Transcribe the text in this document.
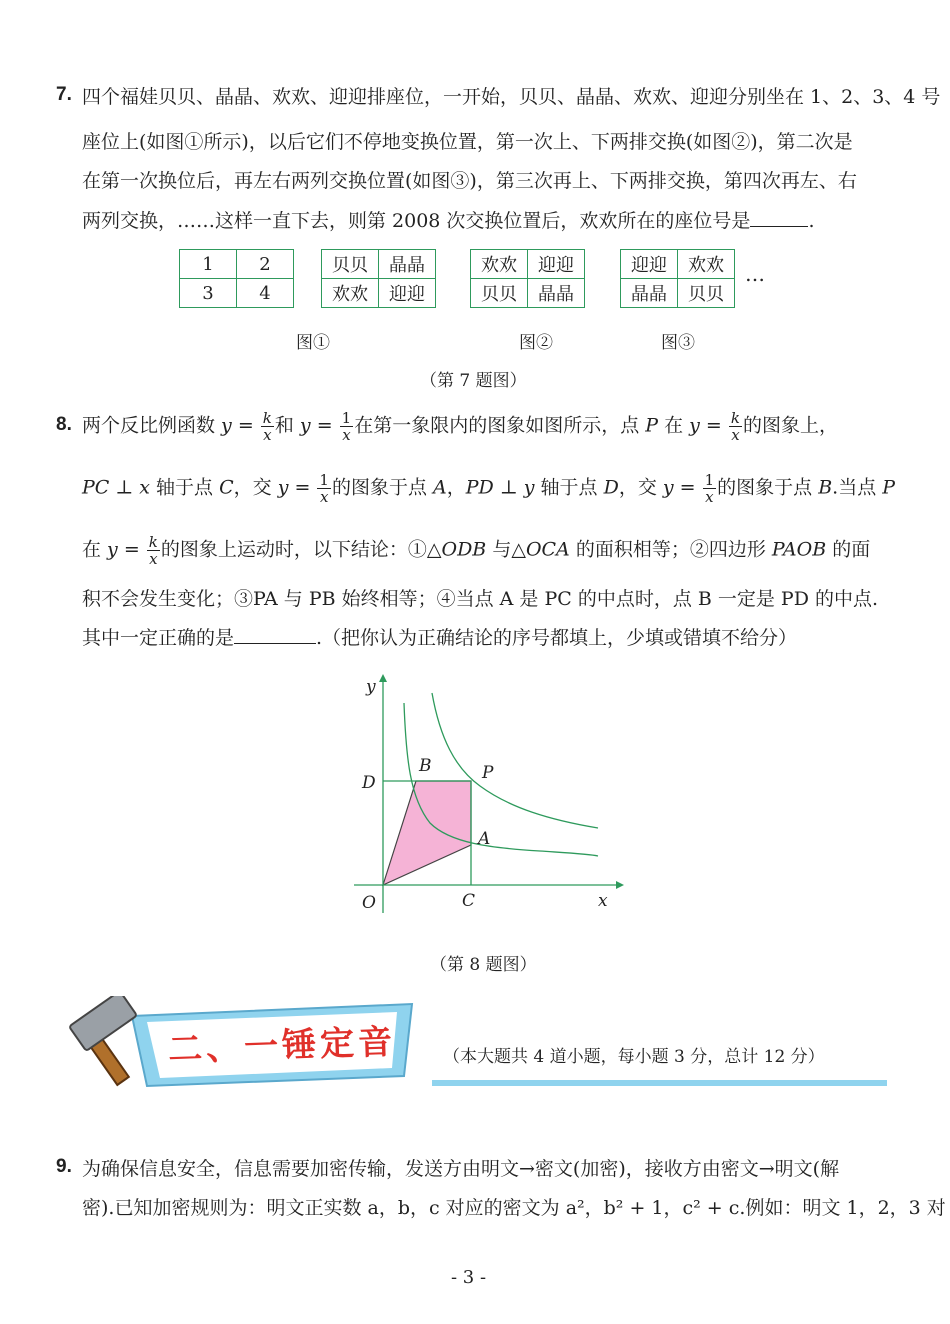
7. 四个福娃贝贝、晶晶、欢欢、迎迎排座位，一开始，贝贝、晶晶、欢欢、迎迎分别坐在 1、2、3、4 号
座位上(如图①所示)，以后它们不停地变换位置，第一次上、下两排交换(如图②)，第二次是
在第一次换位后，再左右两列交换位置(如图③)，第三次再上、下两排交换，第四次再左、右
两列交换，……这样一直下去，则第 2008 次交换位置后，欢欢所在的座位号是	.
1	2
3	4
贝贝	晶晶
欢欢	迎迎
欢欢	迎迎
贝贝	晶晶
迎迎	欢欢
晶晶	贝贝
…
图①	图②	图③
（第 7 题图）
8. 两个反比例函数 $y = \frac{k}{x}$ 和 $y = \frac{1}{x}$ 在第一象限内的图象如图所示，点 P 在 $y = \frac{k}{x}$ 的图象上，
PC ⊥ x 轴于点 C，交 $y = \frac{1}{x}$ 的图象于点 A，PD ⊥ y 轴于点 D，交 $y = \frac{1}{x}$ 的图象于点 B.当点 P
在 $y = \frac{k}{x}$ 的图象上运动时，以下结论：①△ODB 与△OCA 的面积相等；②四边形 PAOB 的面
积不会发生变化；③PA 与 PB 始终相等；④当点 A 是 PC 的中点时，点 B 一定是 PD 的中点.
其中一定正确的是	.（把你认为正确结论的序号都填上，少填或错填不给分）
y
x
O	C
D
B	P
A
（第 8 题图）
二、一锤定音	（本大题共 4 道小题，每小题 3 分，总计 12 分）
9. 为确保信息安全，信息需要加密传输，发送方由明文→密文(加密)，接收方由密文→明文(解
密).已知加密规则为：明文正实数 a，b，c 对应的密文为 a²，b² + 1，c² + c.例如：明文 1，2，3 对
- 3 -
